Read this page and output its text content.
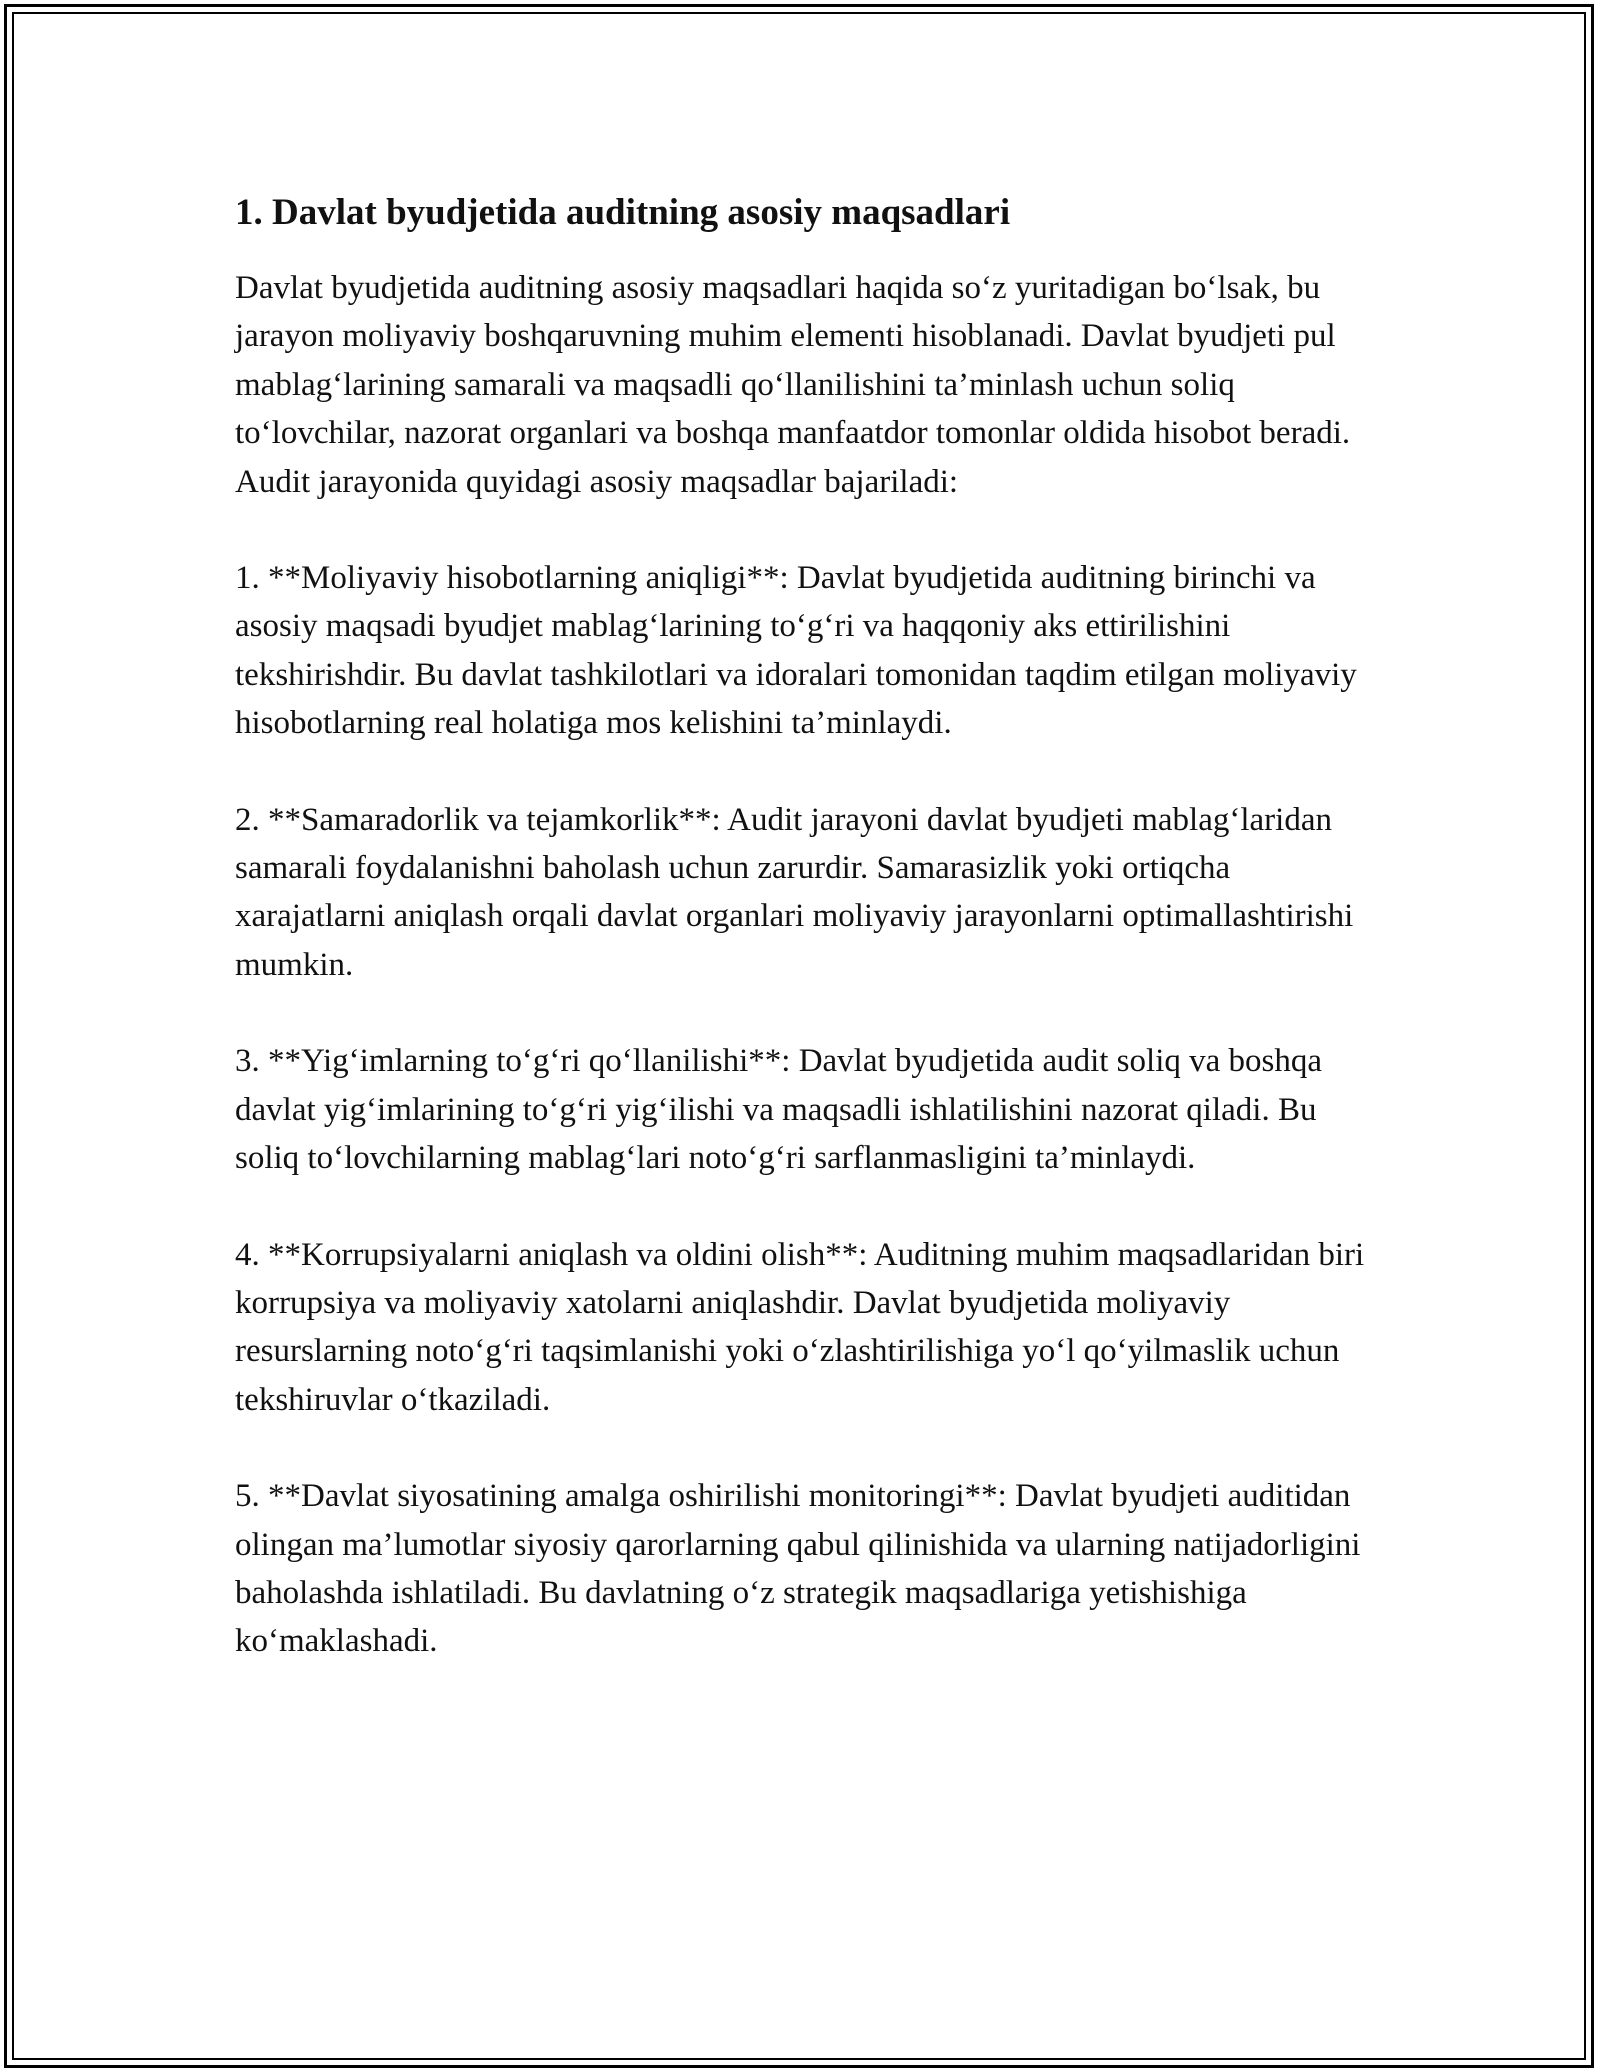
1. Davlat byudjetida auditning asosiy maqsadlari

Davlat byudjetida auditning asosiy maqsadlari haqida so‘z yuritadigan bo‘lsak, bu jarayon moliyaviy boshqaruvning muhim elementi hisoblanadi. Davlat byudjeti pul mablag‘larining samarali va maqsadli qo‘llanilishini ta’minlash uchun soliq to‘lovchilar, nazorat organlari va boshqa manfaatdor tomonlar oldida hisobot beradi. Audit jarayonida quyidagi asosiy maqsadlar bajariladi:

1. **Moliyaviy hisobotlarning aniqligi**: Davlat byudjetida auditning birinchi va asosiy maqsadi byudjet mablag‘larining to‘g‘ri va haqqoniy aks ettirilishini tekshirishdir. Bu davlat tashkilotlari va idoralari tomonidan taqdim etilgan moliyaviy hisobotlarning real holatiga mos kelishini ta’minlaydi.

2. **Samaradorlik va tejamkorlik**: Audit jarayoni davlat byudjeti mablag‘laridan samarali foydalanishni baholash uchun zarurdir. Samarasizlik yoki ortiqcha xarajatlarni aniqlash orqali davlat organlari moliyaviy jarayonlarni optimallashtirishi mumkin.

3. **Yig‘imlarning to‘g‘ri qo‘llanilishi**: Davlat byudjetida audit soliq va boshqa davlat yig‘imlarining to‘g‘ri yig‘ilishi va maqsadli ishlatilishini nazorat qiladi. Bu soliq to‘lovchilarning mablag‘lari noto‘g‘ri sarflanmasligini ta’minlaydi.

4. **Korrupsiyalarni aniqlash va oldini olish**: Auditning muhim maqsadlaridan biri korrupsiya va moliyaviy xatolarni aniqlashdir. Davlat byudjetida moliyaviy resurslarning noto‘g‘ri taqsimlanishi yoki o‘zlashtirilishiga yo‘l qo‘yilmaslik uchun tekshiruvlar o‘tkaziladi.

5. **Davlat siyosatining amalga oshirilishi monitoringi**: Davlat byudjeti auditidan olingan ma’lumotlar siyosiy qarorlarning qabul qilinishida va ularning natijadorligini baholashda ishlatiladi. Bu davlatning o‘z strategik maqsadlariga yetishishiga ko‘maklashadi.
